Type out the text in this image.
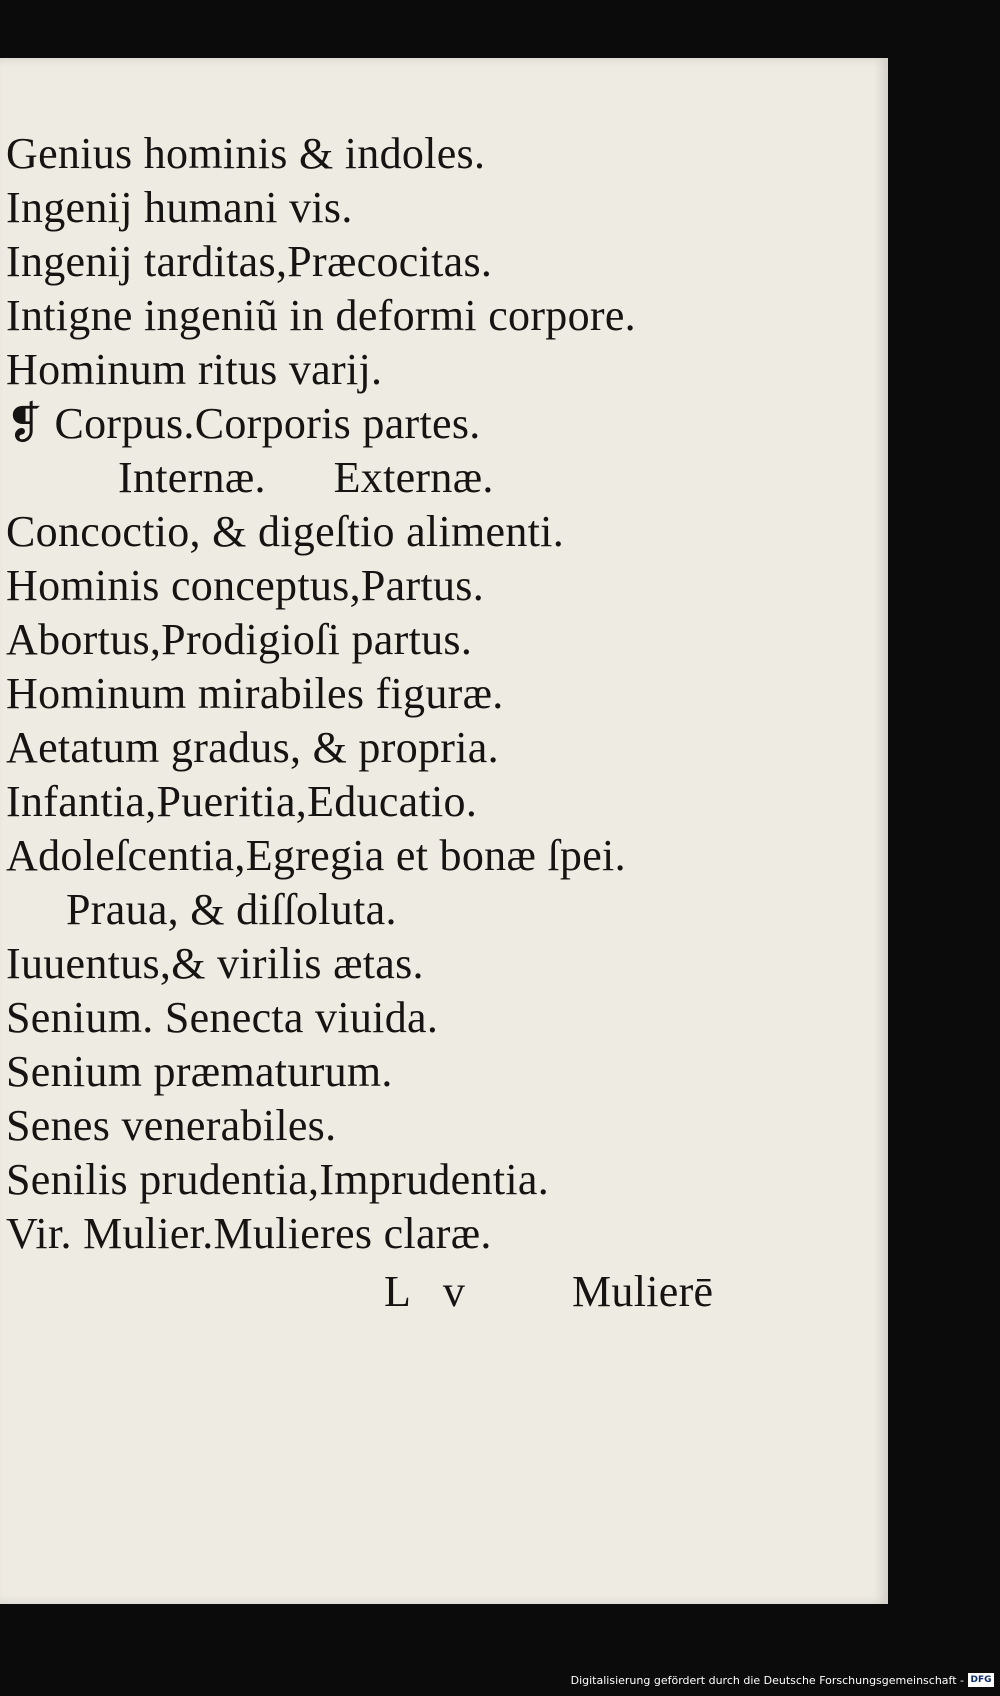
Genius hominis & indoles.
Ingenij humani vis.
Ingenij tarditas,Præcocitas.
Intigne ingeniũ in deformi corpore.
Hominum ritus varij.
❡ Corpus.Corporis partes.
Internæ.      Externæ.
Concoctio, & digeſtio alimenti.
Hominis conceptus,Partus.
Abortus,Prodigioſi partus.
Hominum mirabiles figuræ.
Aetatum gradus, & propria.
Infantia,Pueritia,Educatio.
Adoleſcentia,Egregia et bonæ ſpei.
Praua, & diſſoluta.
Iuuentus,& virilis ætas.
Senium. Senecta viuida.
Senium præmaturum.
Senes venerabiles.
Senilis prudentia,Imprudentia.
Vir. Mulier.Mulieres claræ.
L v Mulierē
Digitalisierung gefördert durch die Deutsche Forschungsgemeinschaft - DFG
